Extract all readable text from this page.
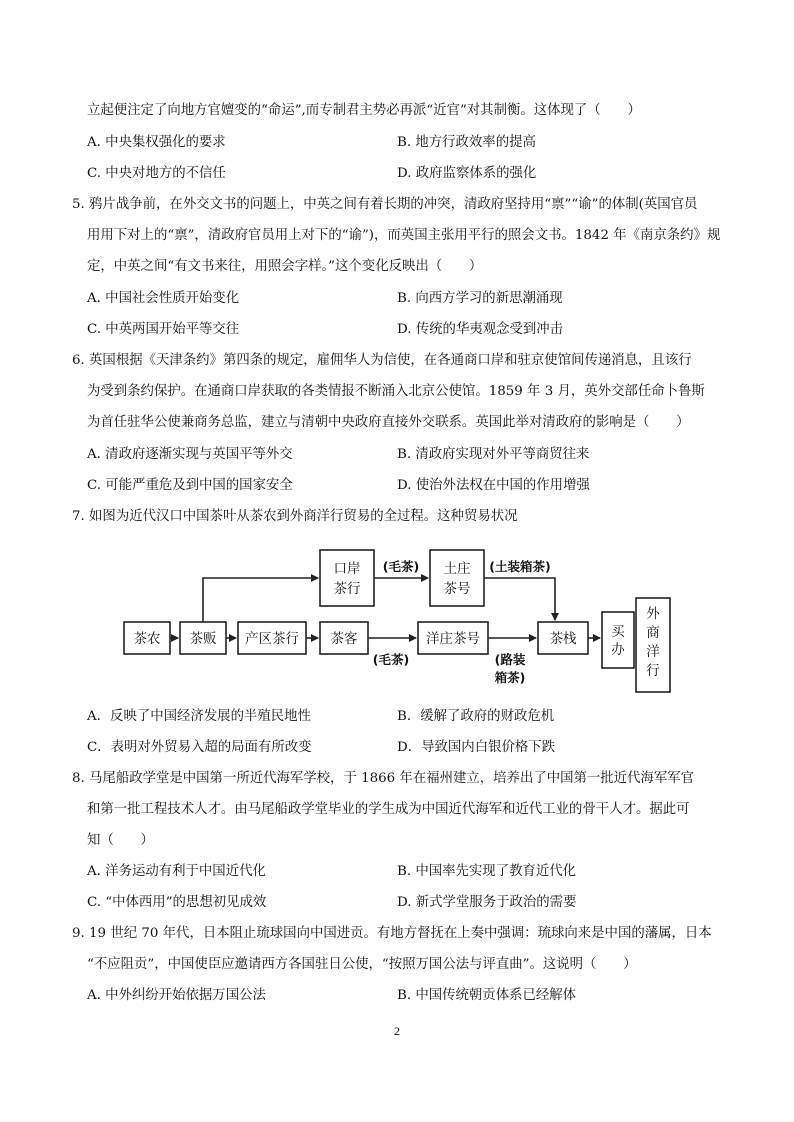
立起便注定了向地方官嬗变的“命运”,而专制君主势必再派“近官”对其制衡。这体现了（　　）
A. 中央集权强化的要求	B. 地方行政效率的提高
C. 中央对地方的不信任	D. 政府监察体系的强化
5. 鸦片战争前，在外交文书的问题上，中英之间有着长期的冲突，清政府坚持用“禀”“谕”的体制(英国官员
用用下对上的“禀”，清政府官员用上对下的“谕”)，而英国主张用平行的照会文书。1842 年《南京条约》规
定，中英之间“有文书来往，用照会字样。”这个变化反映出（　　）
A. 中国社会性质开始变化	B. 向西方学习的新思潮涌现
C. 中英两国开始平等交往	D. 传统的华夷观念受到冲击
6. 英国根据《天津条约》第四条的规定，雇佣华人为信使，在各通商口岸和驻京使馆间传递消息，且该行
为受到条约保护。在通商口岸获取的各类情报不断涌入北京公使馆。1859 年 3 月，英外交部任命卜鲁斯
为首任驻华公使兼商务总监，建立与清朝中央政府直接外交联系。英国此举对清政府的影响是（　　）
A. 清政府逐渐实现与英国平等外交	B. 清政府实现对外平等商贸往来
C. 可能严重危及到中国的国家安全	D. 使治外法权在中国的作用增强
7. 如图为近代汉口中国茶叶从茶农到外商洋行贸易的全过程。这种贸易状况
茶农 茶贩 产区茶行 茶客
口岸
茶行
土庄
茶号
洋庄茶号	茶栈	买
办
外
商
洋
行
(毛茶)	(土装箱茶)
(毛茶)	(路装
箱茶)
A．反映了中国经济发展的半殖民地性	B．缓解了政府的财政危机
C．表明对外贸易入超的局面有所改变	D．导致国内白银价格下跌
8. 马尾船政学堂是中国第一所近代海军学校，于 1866 年在福州建立，培养出了中国第一批近代海军军官
和第一批工程技术人才。由马尾船政学堂毕业的学生成为中国近代海军和近代工业的骨干人才。据此可
知（　　）
A. 洋务运动有利于中国近代化	B. 中国率先实现了教育近代化
C. “中体西用”的思想初见成效	D. 新式学堂服务于政治的需要
9. 19 世纪 70 年代，日本阻止琉球国向中国进贡。有地方督抚在上奏中强调：琉球向来是中国的藩属，日本
“不应阻贡”，中国使臣应邀请西方各国驻日公使，“按照万国公法与评直曲”。这说明（　　）
A. 中外纠纷开始依据万国公法	B. 中国传统朝贡体系已经解体
2
